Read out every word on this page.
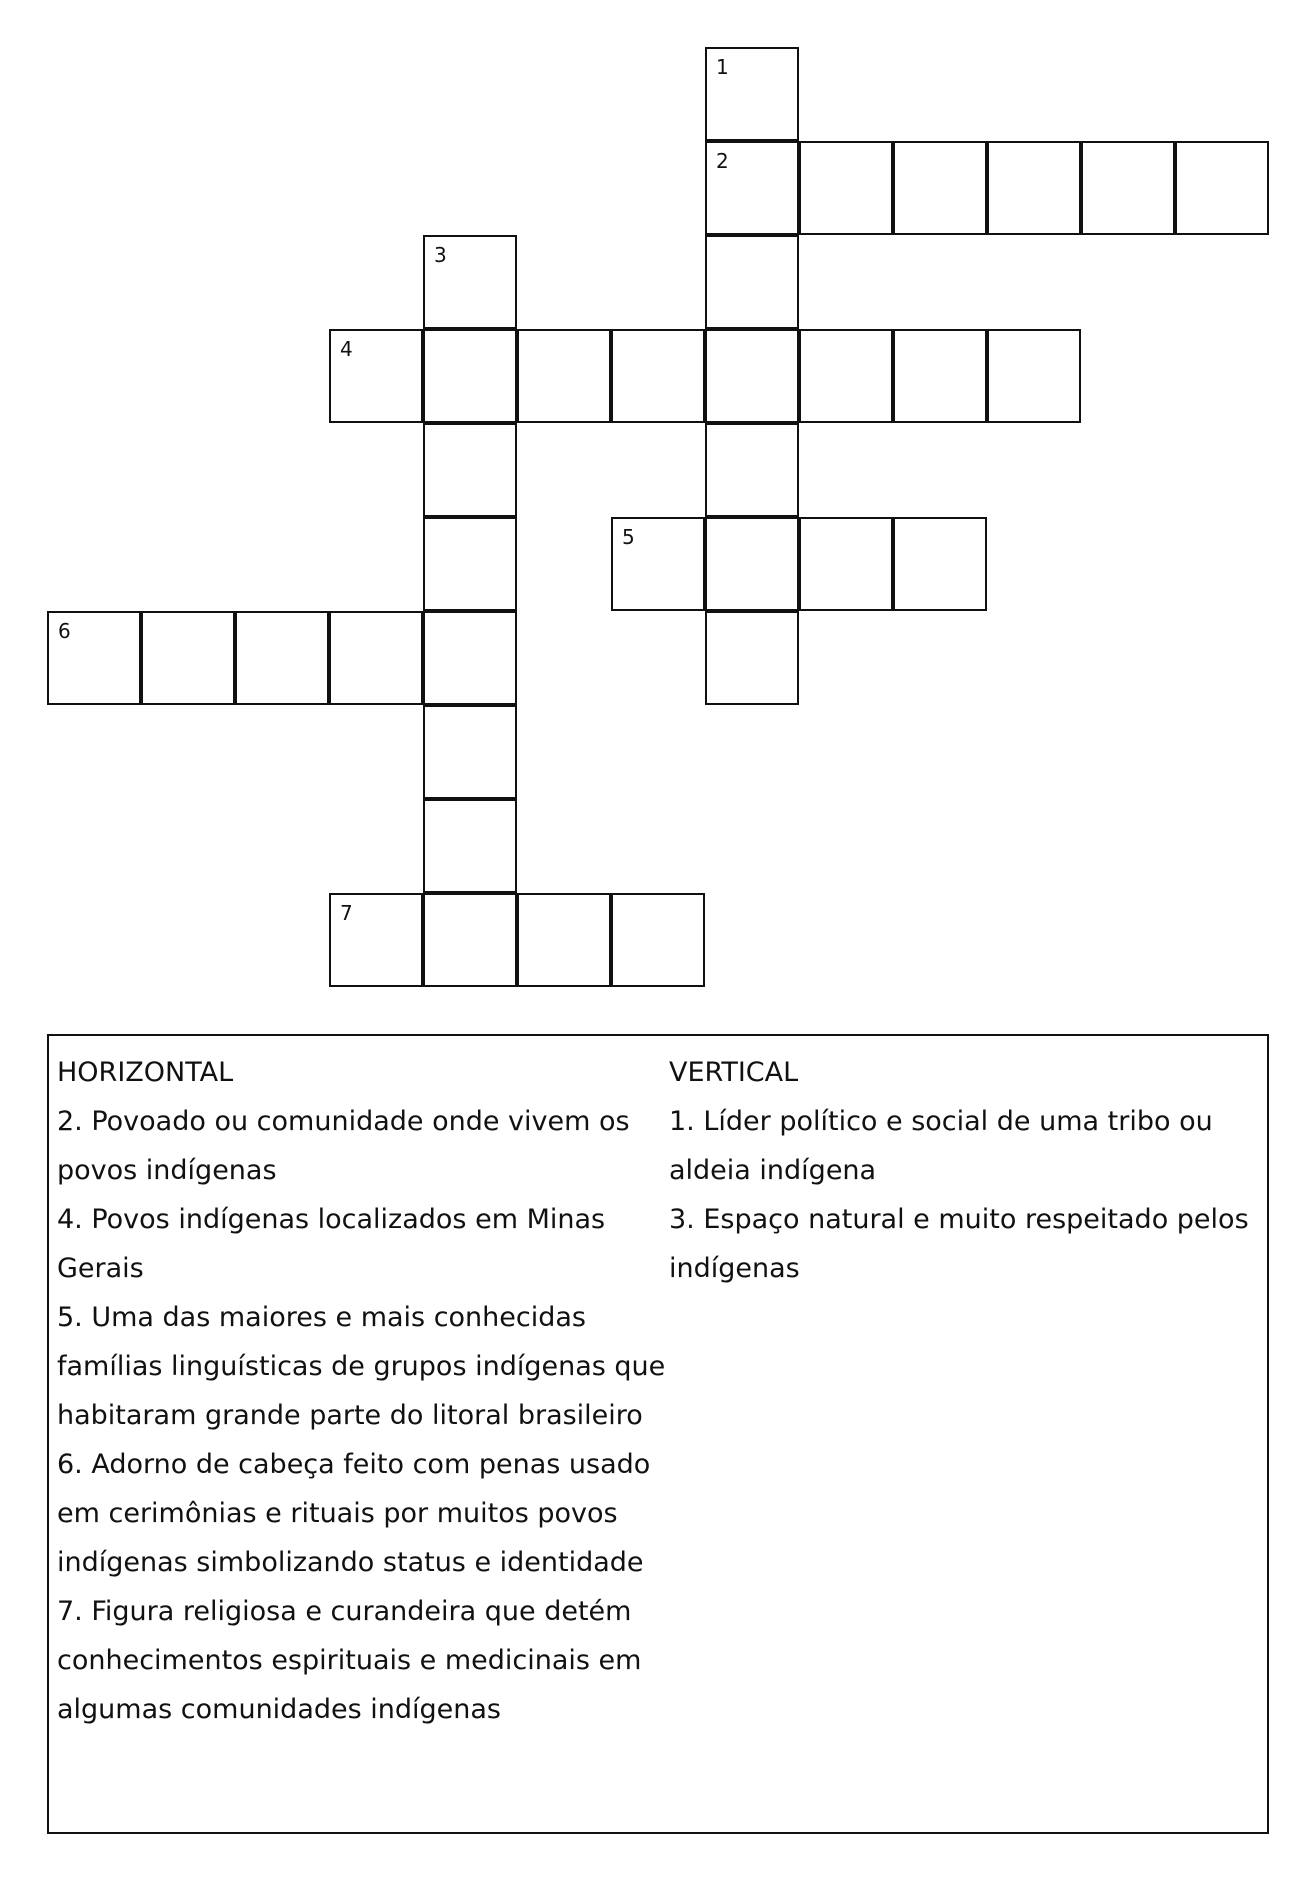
1
2
3
4
5
6
7
HORIZONTAL

2. Povoado ou comunidade onde vivem os povos indígenas

4. Povos indígenas localizados em Minas Gerais

5. Uma das maiores e mais conhecidas famílias linguísticas de grupos indígenas que habitaram grande parte do litoral brasileiro

6. Adorno de cabeça feito com penas usado em cerimônias e rituais por muitos povos indígenas simbolizando status e identidade

7. Figura religiosa e curandeira que detém conhecimentos espirituais e medicinais em algumas comunidades indígenas

VERTICAL

1. Líder político e social de uma tribo ou aldeia indígena

3. Espaço natural e muito respeitado pelos indígenas
